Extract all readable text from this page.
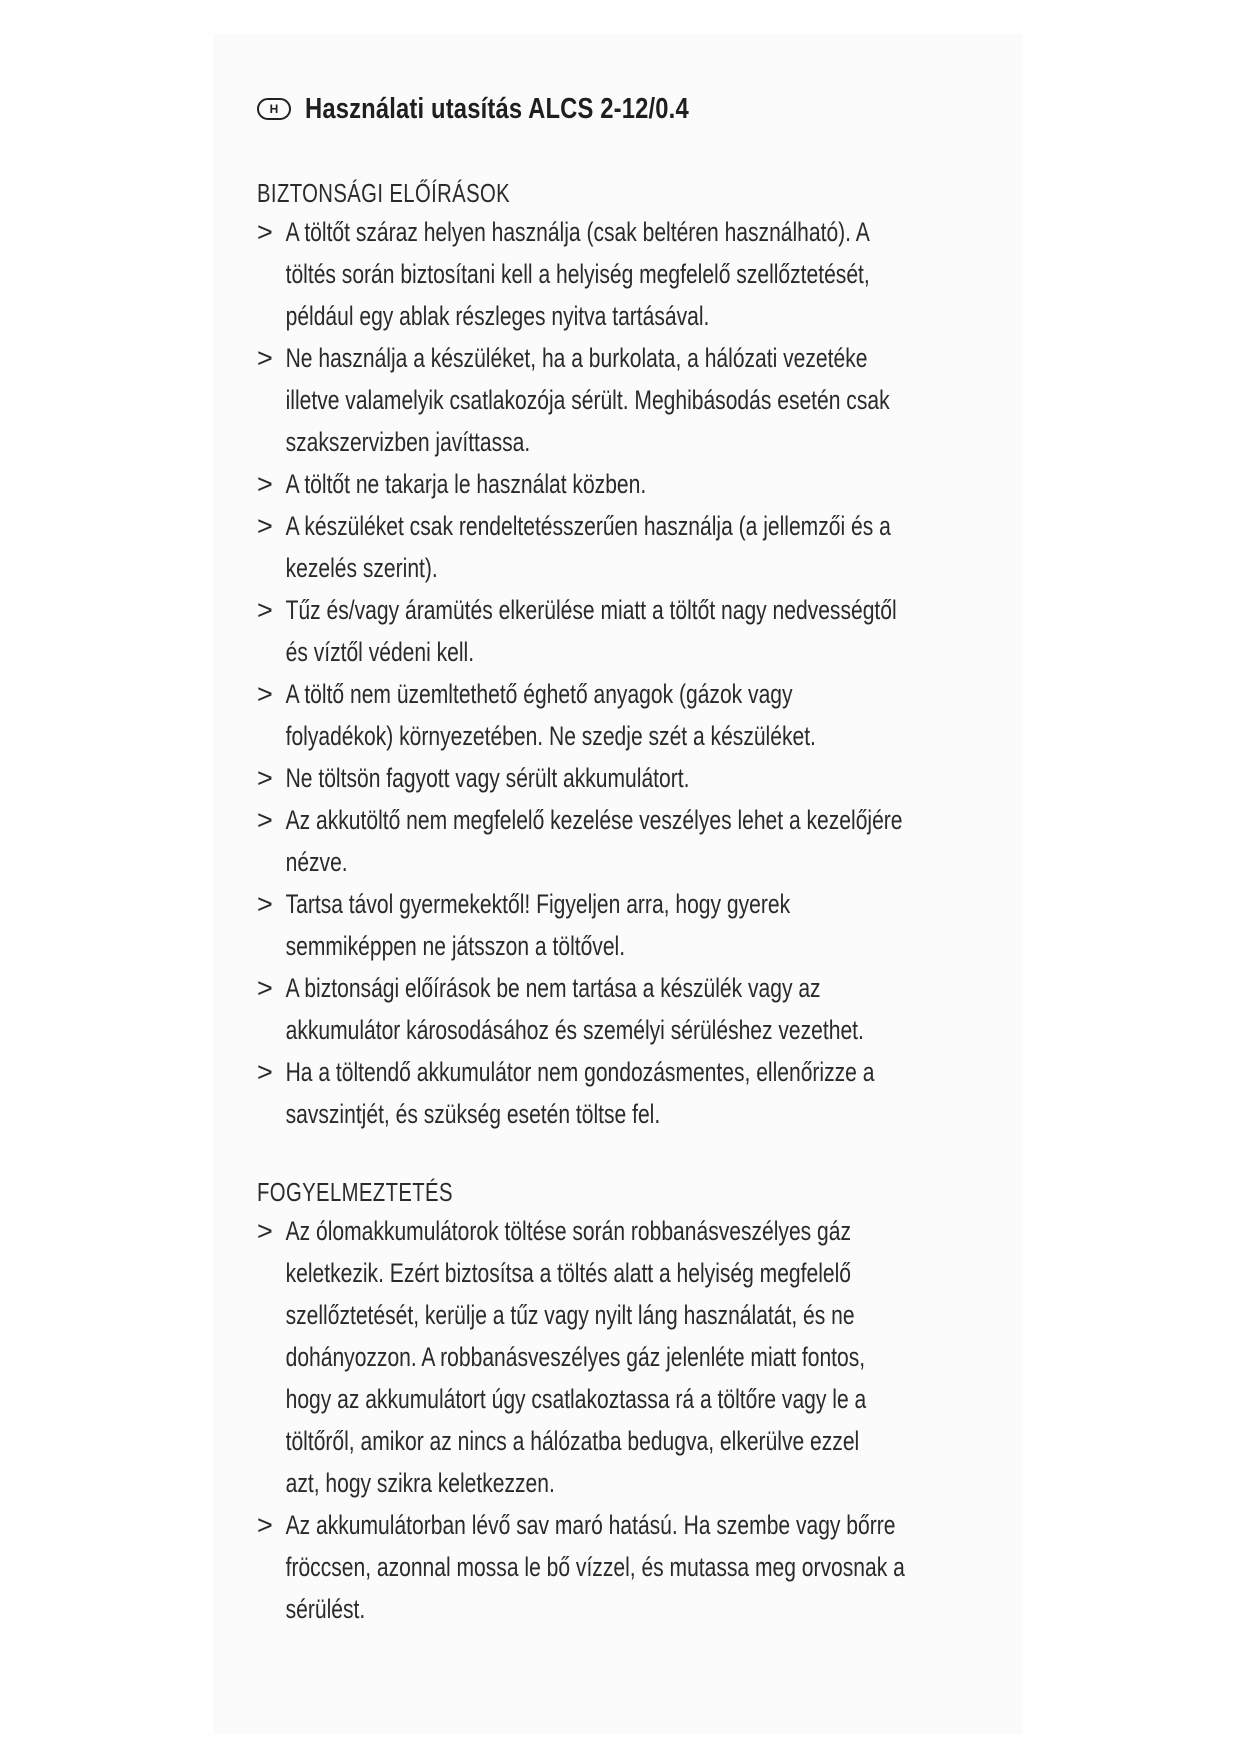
H Használati utasítás ALCS 2-12/0.4
BIZTONSÁGI ELŐÍRÁSOK
> A töltőt száraz helyen használja (csak beltéren használható). A
töltés során biztosítani kell a helyiség megfelelő szellőztetését,
például egy ablak részleges nyitva tartásával.
> Ne használja a készüléket, ha a burkolata, a hálózati vezetéke
illetve valamelyik csatlakozója sérült. Meghibásodás esetén csak
szakszervizben javíttassa.
> A töltőt ne takarja le használat közben.
> A készüléket csak rendeltetésszerűen használja (a jellemzői és a
kezelés szerint).
> Tűz és/vagy áramütés elkerülése miatt a töltőt nagy nedvességtől
és víztől védeni kell.
> A töltő nem üzemltethető éghető anyagok (gázok vagy
folyadékok) környezetében. Ne szedje szét a készüléket.
> Ne töltsön fagyott vagy sérült akkumulátort.
> Az akkutöltő nem megfelelő kezelése veszélyes lehet a kezelőjére
nézve.
> Tartsa távol gyermekektől! Figyeljen arra, hogy gyerek
semmiképpen ne játsszon a töltővel.
> A biztonsági előírások be nem tartása a készülék vagy az
akkumulátor károsodásához és személyi sérüléshez vezethet.
> Ha a töltendő akkumulátor nem gondozásmentes, ellenőrizze a
savszintjét, és szükség esetén töltse fel.
FOGYELMEZTETÉS
> Az ólomakkumulátorok töltése során robbanásveszélyes gáz
keletkezik. Ezért biztosítsa a töltés alatt a helyiség megfelelő
szellőztetését, kerülje a tűz vagy nyilt láng használatát, és ne
dohányozzon. A robbanásveszélyes gáz jelenléte miatt fontos,
hogy az akkumulátort úgy csatlakoztassa rá a töltőre vagy le a
töltőről, amikor az nincs a hálózatba bedugva, elkerülve ezzel
azt, hogy szikra keletkezzen.
> Az akkumulátorban lévő sav maró hatású. Ha szembe vagy bőrre
fröccsen, azonnal mossa le bő vízzel, és mutassa meg orvosnak a
sérülést.
